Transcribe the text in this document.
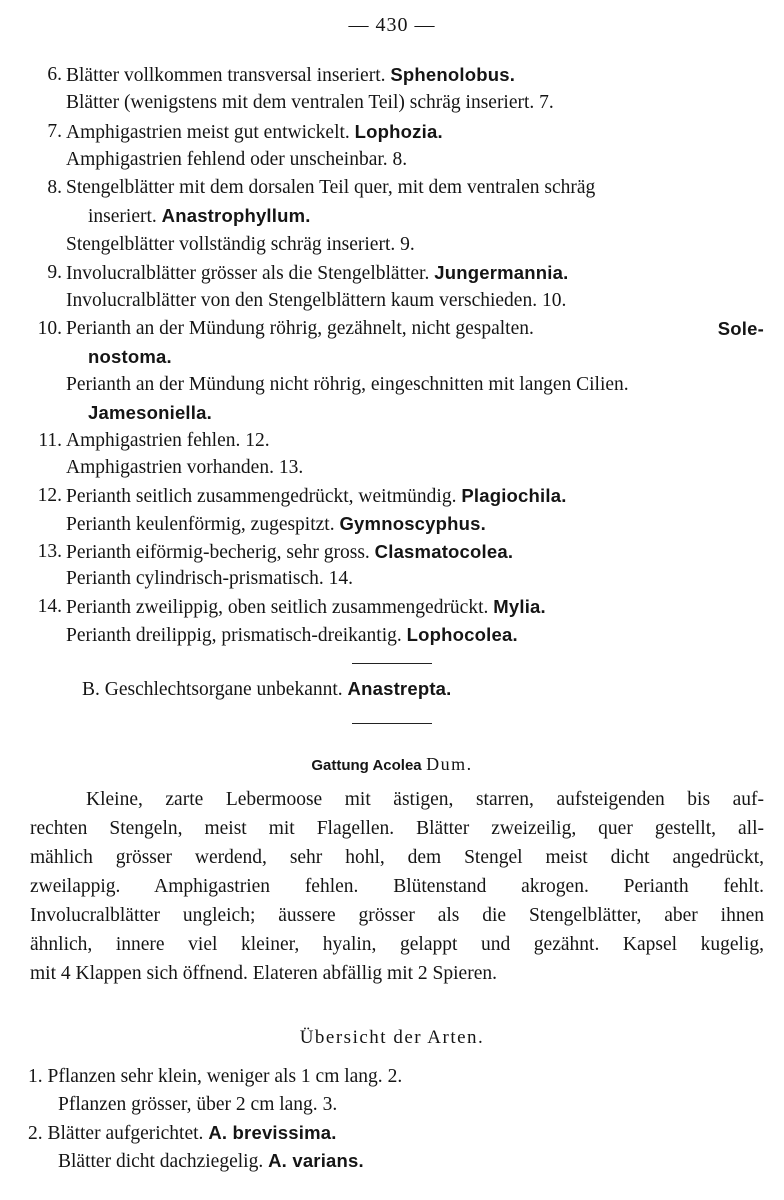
— 430 —
6. Blätter vollkommen transversal inseriert. Sphenolobus.
Blätter (wenigstens mit dem ventralen Teil) schräg inseriert. 7.
7. Amphigastrien meist gut entwickelt. Lophozia.
Amphigastrien fehlend oder unscheinbar. 8.
8. Stengelblätter mit dem dorsalen Teil quer, mit dem ventralen schräg
inseriert. Anastrophyllum.
Stengelblätter vollständig schräg inseriert. 9.
9. Involucralblätter grösser als die Stengelblätter. Jungermannia.
Involucralblätter von den Stengelblättern kaum verschieden. 10.
10. Perianth an der Mündung röhrig, gezähnelt, nicht gespalten.	Sole-
nostoma.
Perianth an der Mündung nicht röhrig, eingeschnitten mit langen Cilien.
Jamesoniella.
11. Amphigastrien fehlen. 12.
Amphigastrien vorhanden. 13.
12. Perianth seitlich zusammengedrückt, weitmündig. Plagiochila.
Perianth keulenförmig, zugespitzt. Gymnoscyphus.
13. Perianth eiförmig-becherig, sehr gross. Clasmatocolea.
Perianth cylindrisch-prismatisch. 14.
14. Perianth zweilippig, oben seitlich zusammengedrückt. Mylia.
Perianth dreilippig, prismatisch-dreikantig. Lophocolea.
B. Geschlechtsorgane unbekannt. Anastrepta.
Gattung Acolea Dum.
Kleine, zarte Lebermoose mit ästigen, starren, aufsteigenden bis auf-
rechten Stengeln, meist mit Flagellen. Blätter zweizeilig, quer gestellt, all-
mählich grösser werdend, sehr hohl, dem Stengel meist dicht angedrückt,
zweilappig. Amphigastrien fehlen. Blütenstand akrogen. Perianth fehlt.
Involucralblätter ungleich; äussere grösser als die Stengelblätter, aber ihnen
ähnlich, innere viel kleiner, hyalin, gelappt und gezähnt. Kapsel kugelig,
mit 4 Klappen sich öffnend. Elateren abfällig mit 2 Spieren.
Übersicht der Arten.
1. Pflanzen sehr klein, weniger als 1 cm lang. 2.
Pflanzen grösser, über 2 cm lang. 3.
2. Blätter aufgerichtet. A. brevissima.
Blätter dicht dachziegelig. A. varians.
